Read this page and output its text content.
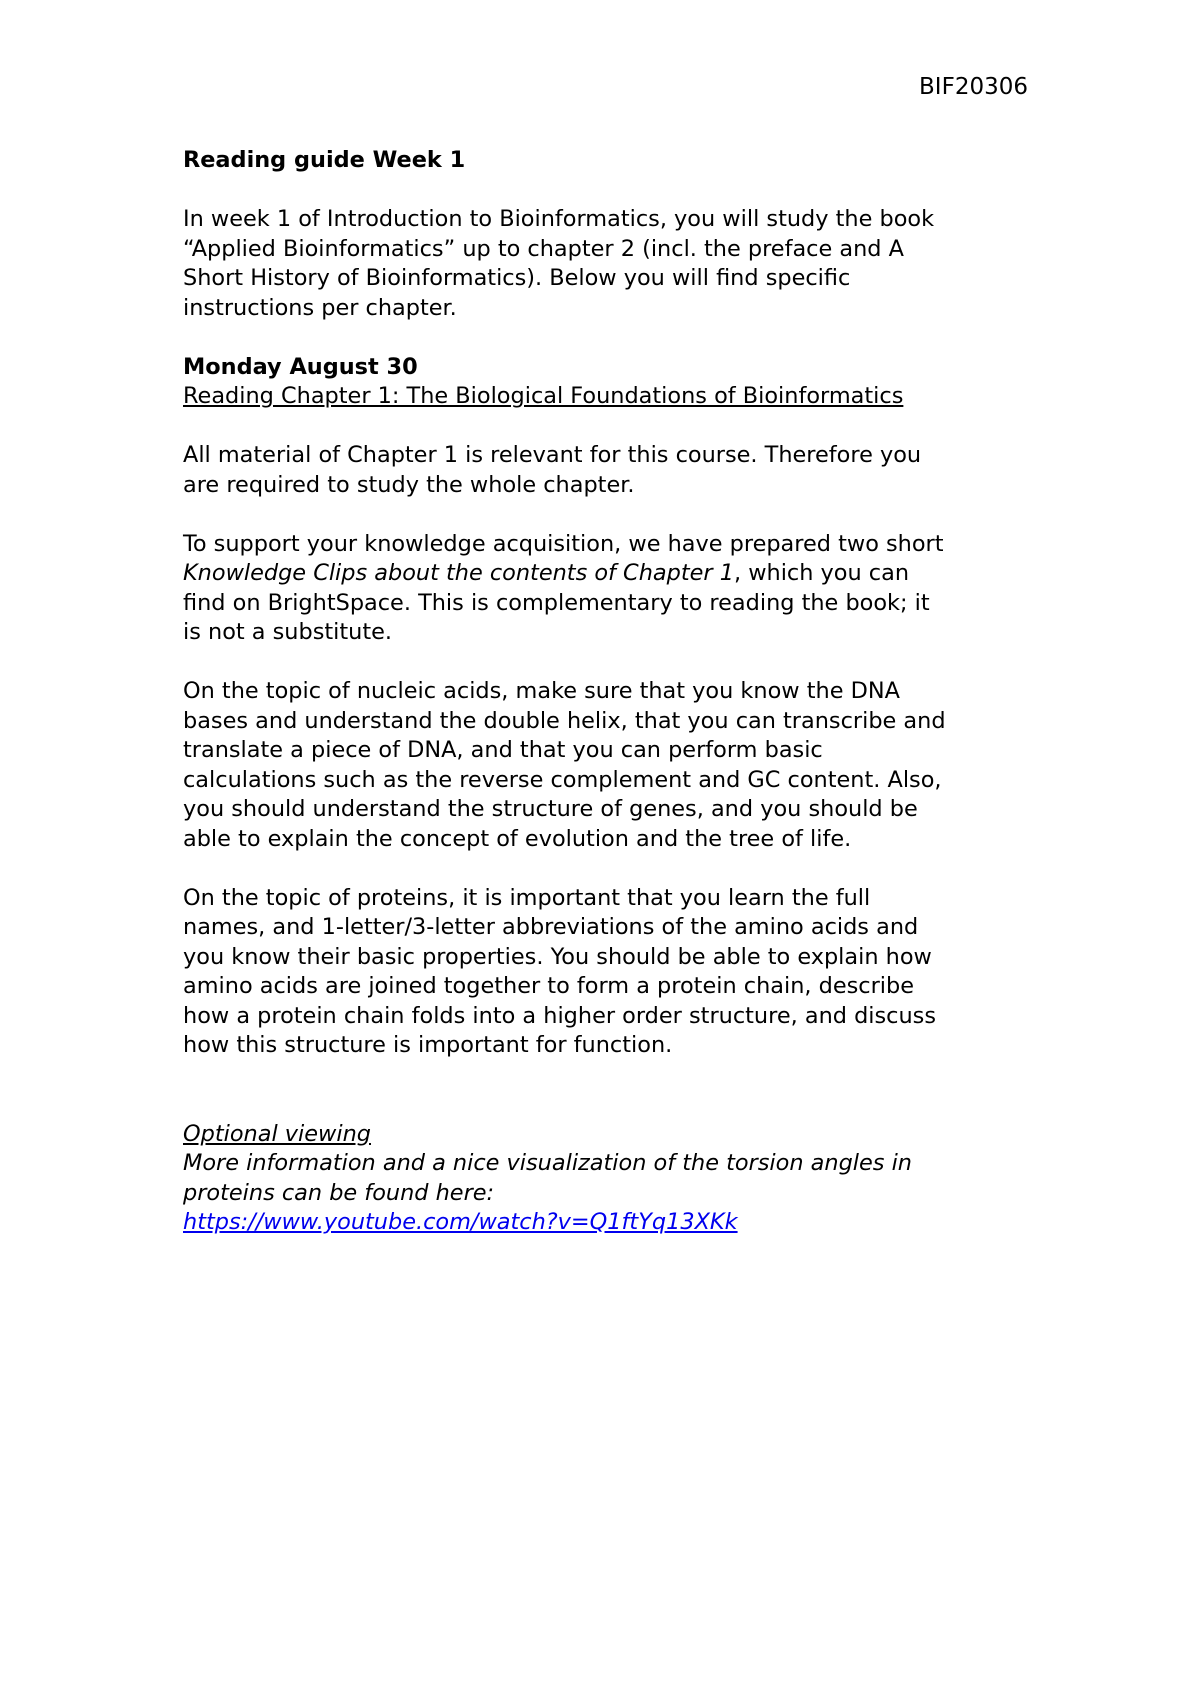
BIF20306

Reading guide Week 1

In week 1 of Introduction to Bioinformatics, you will study the book
“Applied Bioinformatics” up to chapter 2 (incl. the preface and A
Short History of Bioinformatics). Below you will find specific
instructions per chapter.

Monday August 30

Reading Chapter 1: The Biological Foundations of Bioinformatics

All material of Chapter 1 is relevant for this course. Therefore you
are required to study the whole chapter.

To support your knowledge acquisition, we have prepared two short
Knowledge Clips about the contents of Chapter 1, which you can
find on BrightSpace. This is complementary to reading the book; it
is not a substitute.

On the topic of nucleic acids, make sure that you know the DNA
bases and understand the double helix, that you can transcribe and
translate a piece of DNA, and that you can perform basic
calculations such as the reverse complement and GC content. Also,
you should understand the structure of genes, and you should be
able to explain the concept of evolution and the tree of life.

On the topic of proteins, it is important that you learn the full
names, and 1-letter/3-letter abbreviations of the amino acids and
you know their basic properties. You should be able to explain how
amino acids are joined together to form a protein chain, describe
how a protein chain folds into a higher order structure, and discuss
how this structure is important for function.

Optional viewing

More information and a nice visualization of the torsion angles in
proteins can be found here:

https://www.youtube.com/watch?v=Q1ftYq13XKk
